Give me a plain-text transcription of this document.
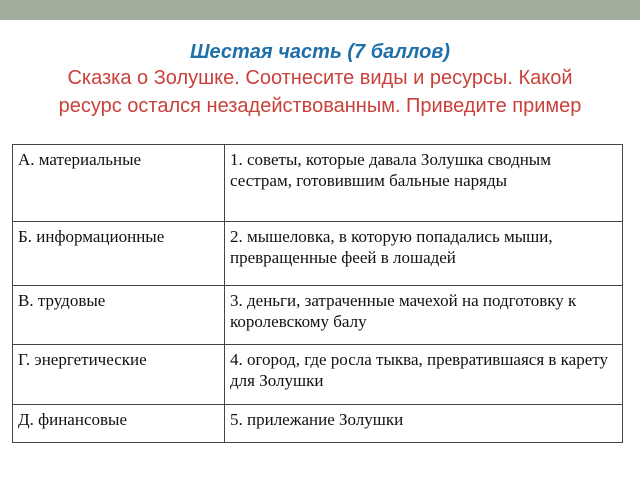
Шестая часть (7 баллов)
Сказка о Золушке. Соотнесите виды и ресурсы. Какой
ресурс остался незадействованным. Приведите пример
А. материальные	1. советы, которые давала Золушка сводным сестрам, готовившим бальные наряды
Б. информационные	2. мышеловка, в которую попадались мыши, превращенные феей в лошадей
В. трудовые	3. деньги, затраченные мачехой на подготовку к королевскому балу
Г. энергетические	4. огород, где росла тыква, превратившаяся в карету для Золушки
Д. финансовые	5. прилежание Золушки
